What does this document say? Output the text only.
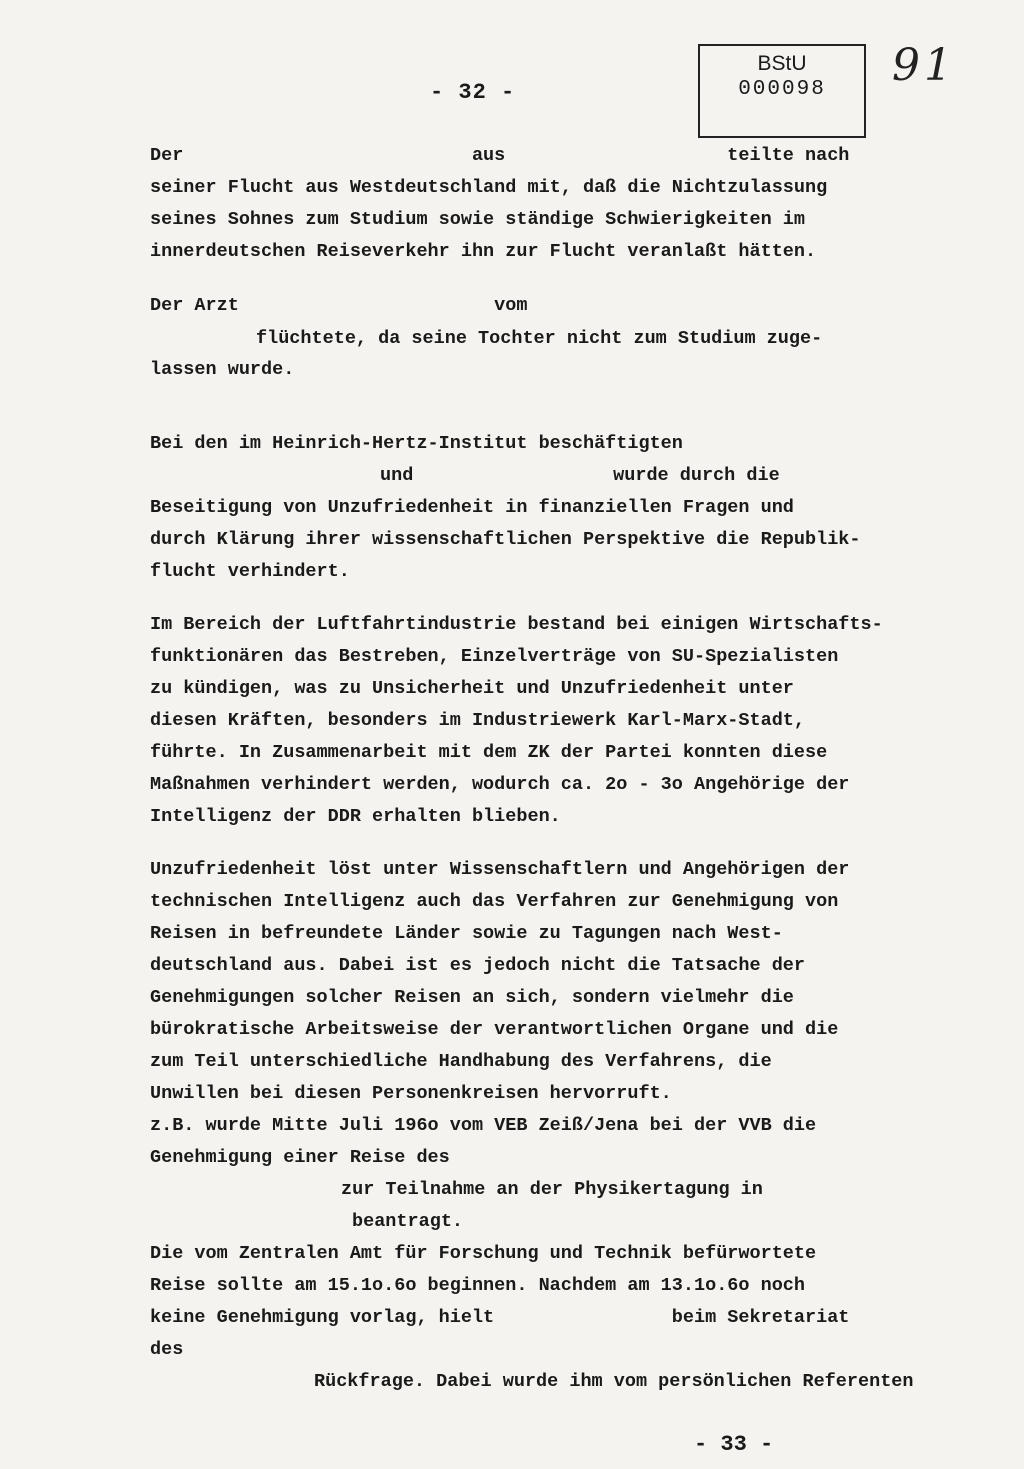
- 32 -
BStU
000098	91
Der                          aus                    teilte nach
seiner Flucht aus Westdeutschland mit, daß die Nichtzulassung
seines Sohnes zum Studium sowie ständige Schwierigkeiten im
innerdeutschen Reiseverkehr ihn zur Flucht veranlaßt hätten.
Der Arzt                       vom
flüchtete, da seine Tochter nicht zum Studium zuge-
lassen wurde.
Bei den im Heinrich-Hertz-Institut beschäftigten
und                  wurde durch die
Beseitigung von Unzufriedenheit in finanziellen Fragen und
durch Klärung ihrer wissenschaftlichen Perspektive die Republik-
flucht verhindert.
Im Bereich der Luftfahrtindustrie bestand bei einigen Wirtschafts-
funktionären das Bestreben, Einzelverträge von SU-Spezialisten
zu kündigen, was zu Unsicherheit und Unzufriedenheit unter
diesen Kräften, besonders im Industriewerk Karl-Marx-Stadt,
führte. In Zusammenarbeit mit dem ZK der Partei konnten diese
Maßnahmen verhindert werden, wodurch ca. 2o - 3o Angehörige der
Intelligenz der DDR erhalten blieben.
Unzufriedenheit löst unter Wissenschaftlern und Angehörigen der
technischen Intelligenz auch das Verfahren zur Genehmigung von
Reisen in befreundete Länder sowie zu Tagungen nach West-
deutschland aus. Dabei ist es jedoch nicht die Tatsache der
Genehmigungen solcher Reisen an sich, sondern vielmehr die
bürokratische Arbeitsweise der verantwortlichen Organe und die
zum Teil unterschiedliche Handhabung des Verfahrens, die
Unwillen bei diesen Personenkreisen hervorruft.
z.B. wurde Mitte Juli 196o vom VEB Zeiß/Jena bei der VVB die
Genehmigung einer Reise des
zur Teilnahme an der Physikertagung in
beantragt.
Die vom Zentralen Amt für Forschung und Technik befürwortete
Reise sollte am 15.1o.6o beginnen. Nachdem am 13.1o.6o noch
keine Genehmigung vorlag, hielt                beim Sekretariat
des
Rückfrage. Dabei wurde ihm vom persönlichen Referenten
- 33 -
